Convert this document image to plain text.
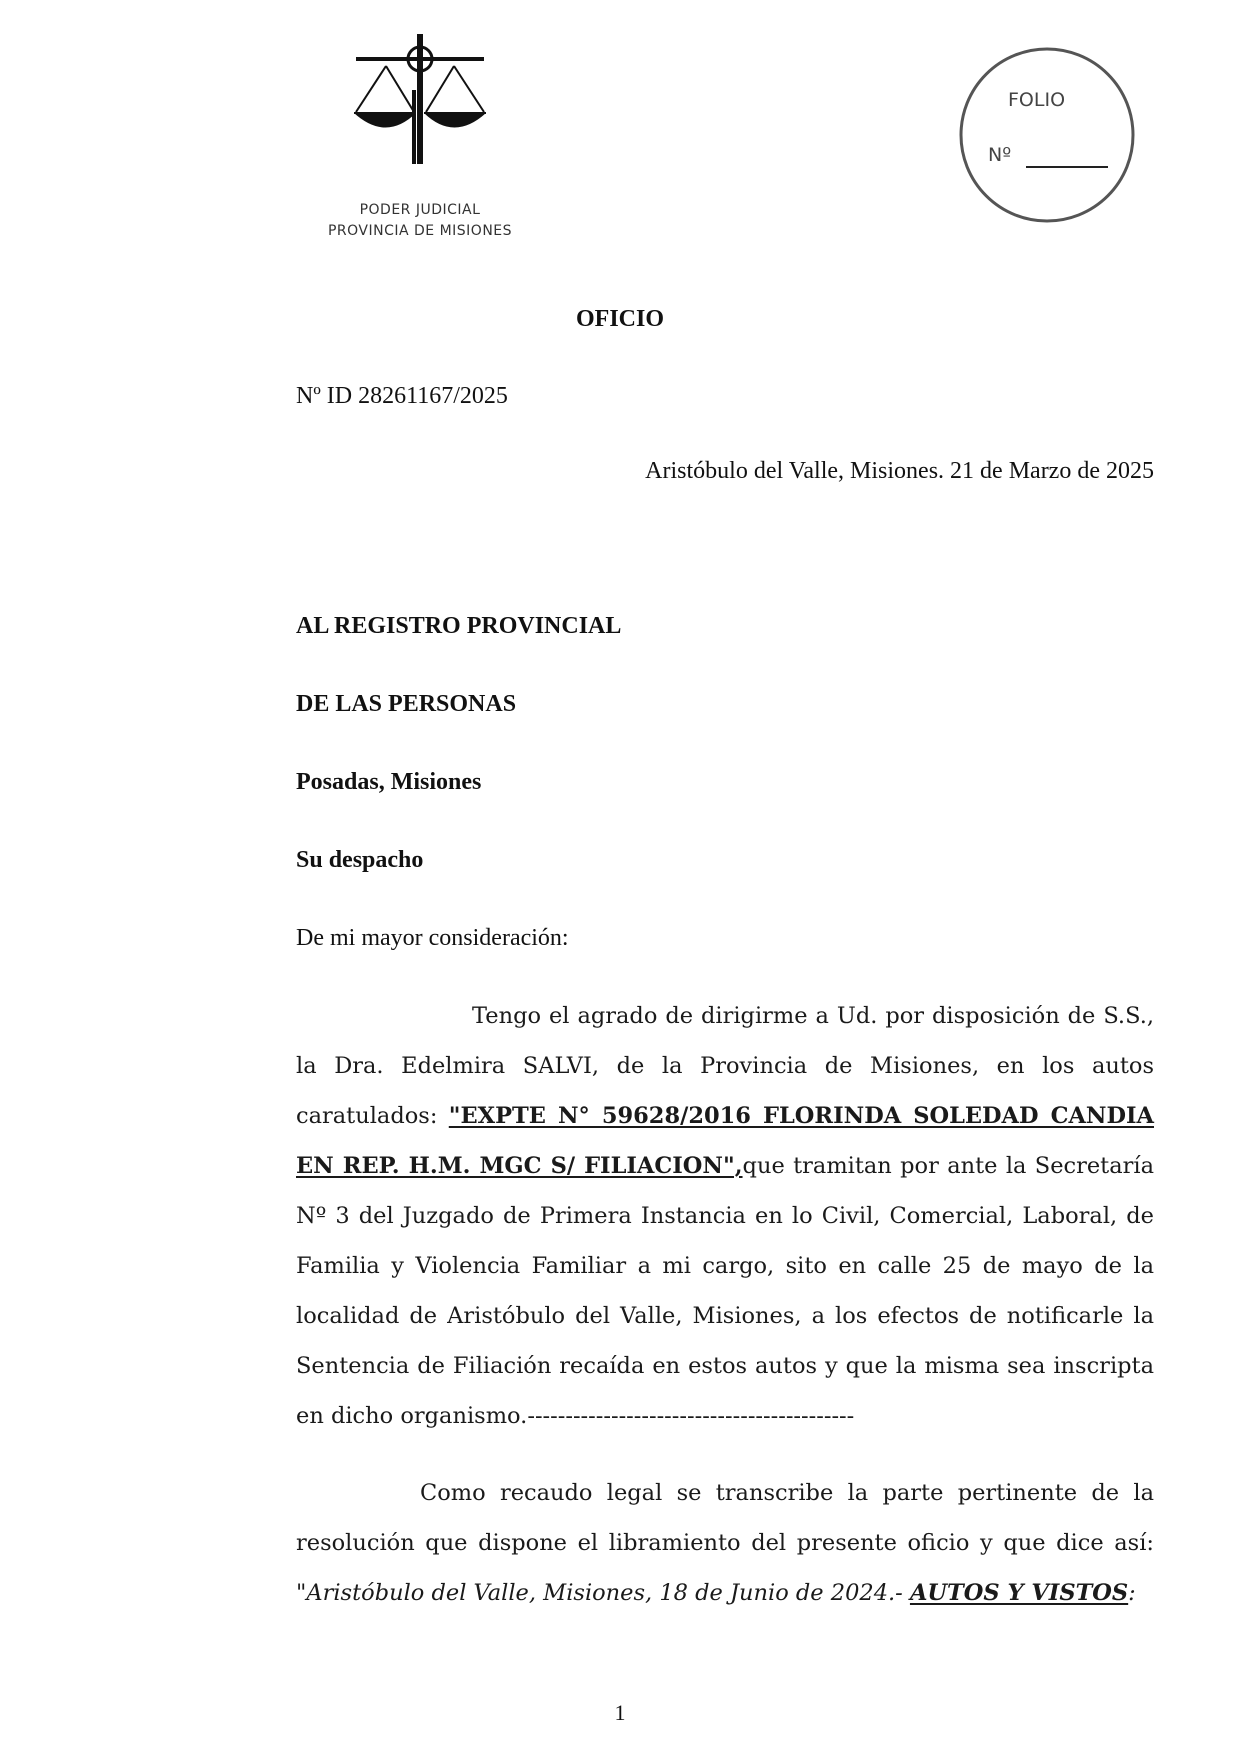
PODER JUDICIAL
PROVINCIA DE MISIONES
FOLIO
Nº
OFICIO
Nº ID 28261167/2025
Aristóbulo del Valle, Misiones. 21 de Marzo de 2025
AL REGISTRO PROVINCIAL
DE LAS PERSONAS
Posadas, Misiones
Su despacho
De mi mayor consideración:
Tengo el agrado de dirigirme a Ud. por disposición de S.S., la Dra. Edelmira SALVI, de la Provincia de Misiones, en los autos caratulados: "EXPTE N° 59628/2016 FLORINDA SOLEDAD CANDIA EN REP. H.M. MGC S/ FILIACION",que tramitan por ante la Secretaría Nº 3 del Juzgado de Primera Instancia en lo Civil, Comercial, Laboral, de Familia y Violencia Familiar a mi cargo, sito en calle 25 de mayo de la localidad de Aristóbulo del Valle, Misiones, a los efectos de notificarle la Sentencia de Filiación recaída en estos autos y que la misma sea inscripta en dicho organismo.-------------------------------------------
Como recaudo legal se transcribe la parte pertinente de la resolución que dispone el libramiento del presente oficio y que dice así: "Aristóbulo del Valle, Misiones, 18 de Junio de 2024.- AUTOS Y VISTOS:
1
